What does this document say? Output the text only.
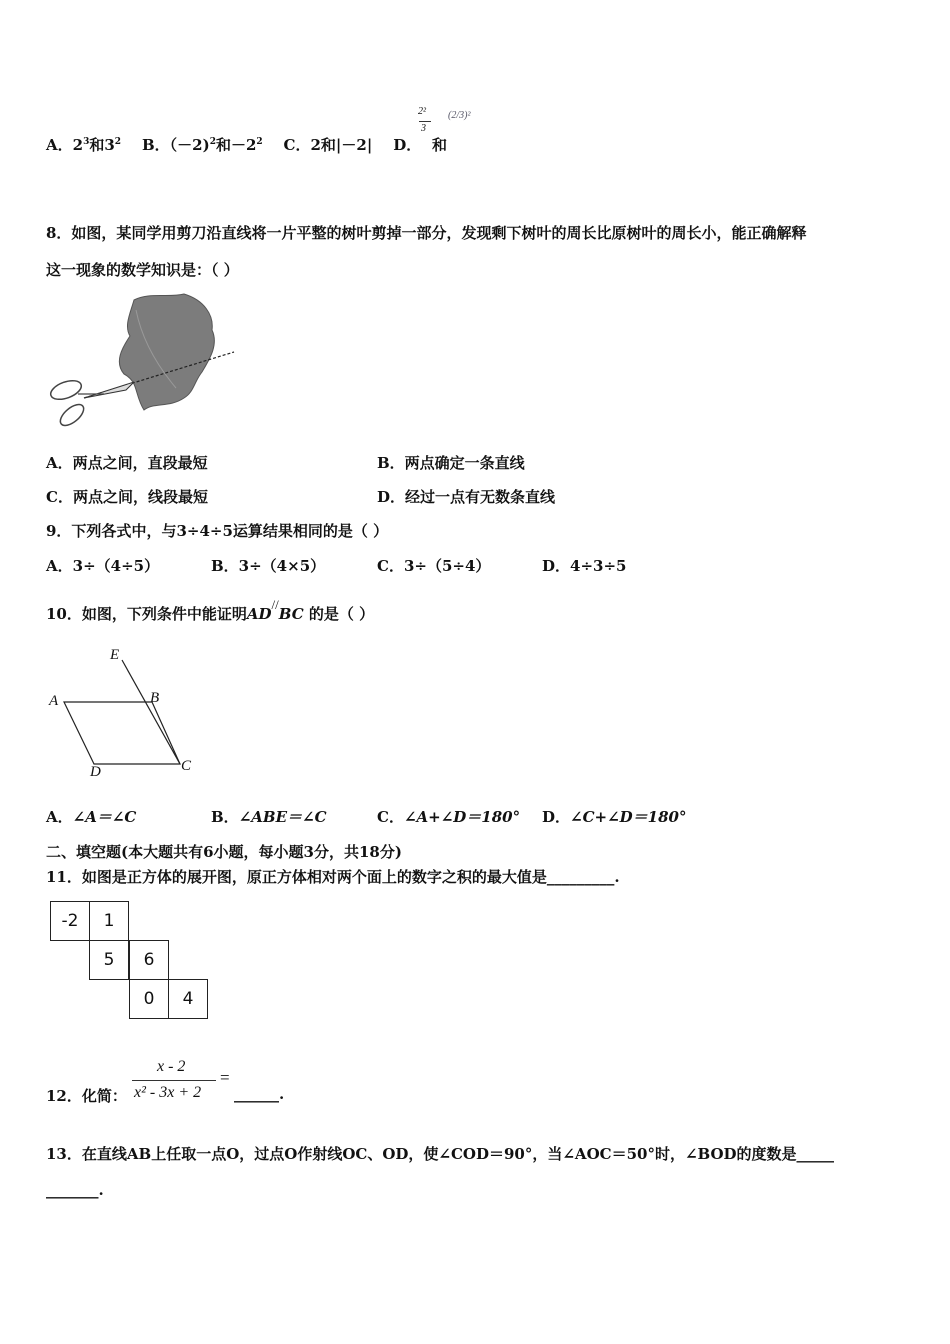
A．$2^3$和$3^2$ B．（－2)$^2$和$-2^2$ C．2和|－2| D．
2²
3
和
(2/3)²
8．如图，某同学用剪刀沿直线将一片平整的树叶剪掉一部分，发现剩下树叶的周长比原树叶的周长小，能正确解释
这一现象的数学知识是：（ ）
A．两点之间，直段最短	B．两点确定一条直线
C．两点之间，线段最短	D．经过一点有无数条直线
9．下列各式中，与3÷4÷5运算结果相同的是（ ）
A．3÷（4÷5）	B．3÷（4×5）	C．3÷（5÷4）	D．4÷3÷5
10．如图，下列条件中能证明AD//BC 的是（ ）
E
A	B
C
D
A．∠A＝∠C	B．∠ABE＝∠C	C．∠A+∠D＝180° D．∠C+∠D＝180°
二、填空题(本大题共有6小题，每小题3分，共18分)
11．如图是正方体的展开图，原正方体相对两个面上的数字之积的最大值是_________.
-2	1
5	6
0	4
12．化简：
x - 2
x² - 3x + 2
=
______.
13．在直线AB上任取一点O，过点O作射线OC、OD，使∠COD＝90°，当∠AOC＝50°时，∠BOD的度数是_____
_______.
